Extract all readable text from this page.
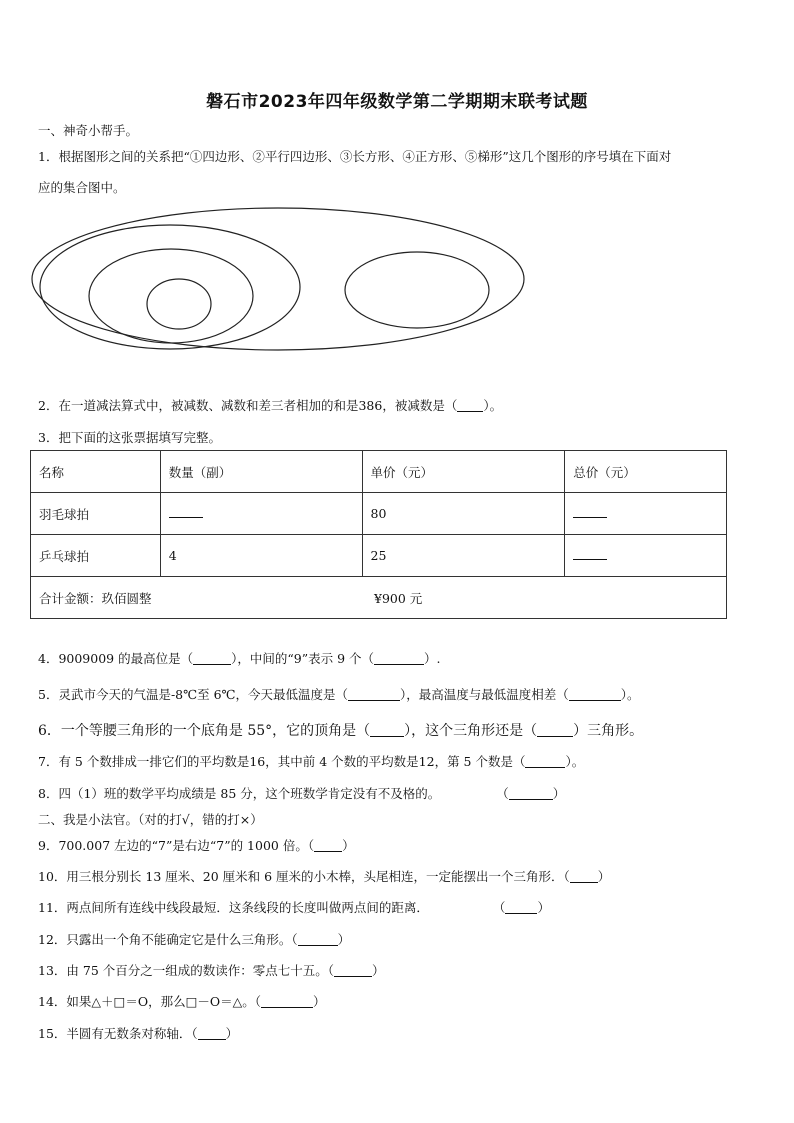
磐石市2023年四年级数学第二学期期末联考试题
一、神奇小帮手。
1．根据图形之间的关系把“①四边形、②平行四边形、③长方形、④正方形、⑤梯形”这几个图形的序号填在下面对
应的集合图中。
2．在一道减法算式中，被减数、减数和差三者相加的和是386，被减数是（ ）。
3．把下面的这张票据填写完整。
名称	数量（副）	单价（元）	总价（元）
羽毛球拍		80	
乒乓球拍	4	25	
合计金额：玖佰圆整 ¥900 元			
4．9009009 的最高位是（	），中间的“9”表示 9 个（	）.
5．灵武市今天的气温是-8℃至 6℃，今天最低温度是（	），最高温度与最低温度相差（	）。
6．一个等腰三角形的一个底角是 55°，它的顶角是（ ），这个三角形还是（	）三角形。
7．有 5 个数排成一排它们的平均数是16，其中前 4 个数的平均数是12，第 5 个数是（	）。
8．四（1）班的数学平均成绩是 85 分，这个班数学肯定没有不及格的。	（	）
二、我是小法官。（对的打√，错的打×）
9．700.007 左边的“7”是右边“7”的 1000 倍。（ ）
10．用三根分别长 13 厘米、20 厘米和 6 厘米的小木棒，头尾相连，一定能摆出一个三角形．（ ）
11．两点间所有连线中线段最短．这条线段的长度叫做两点间的距离．	（	）
12．只露出一个角不能确定它是什么三角形。（	）
13．由 75 个百分之一组成的数读作：零点七十五。（	）
14．如果△＋□＝O，那么□－O＝△。（	）
15．半圆有无数条对称轴．（ ）
